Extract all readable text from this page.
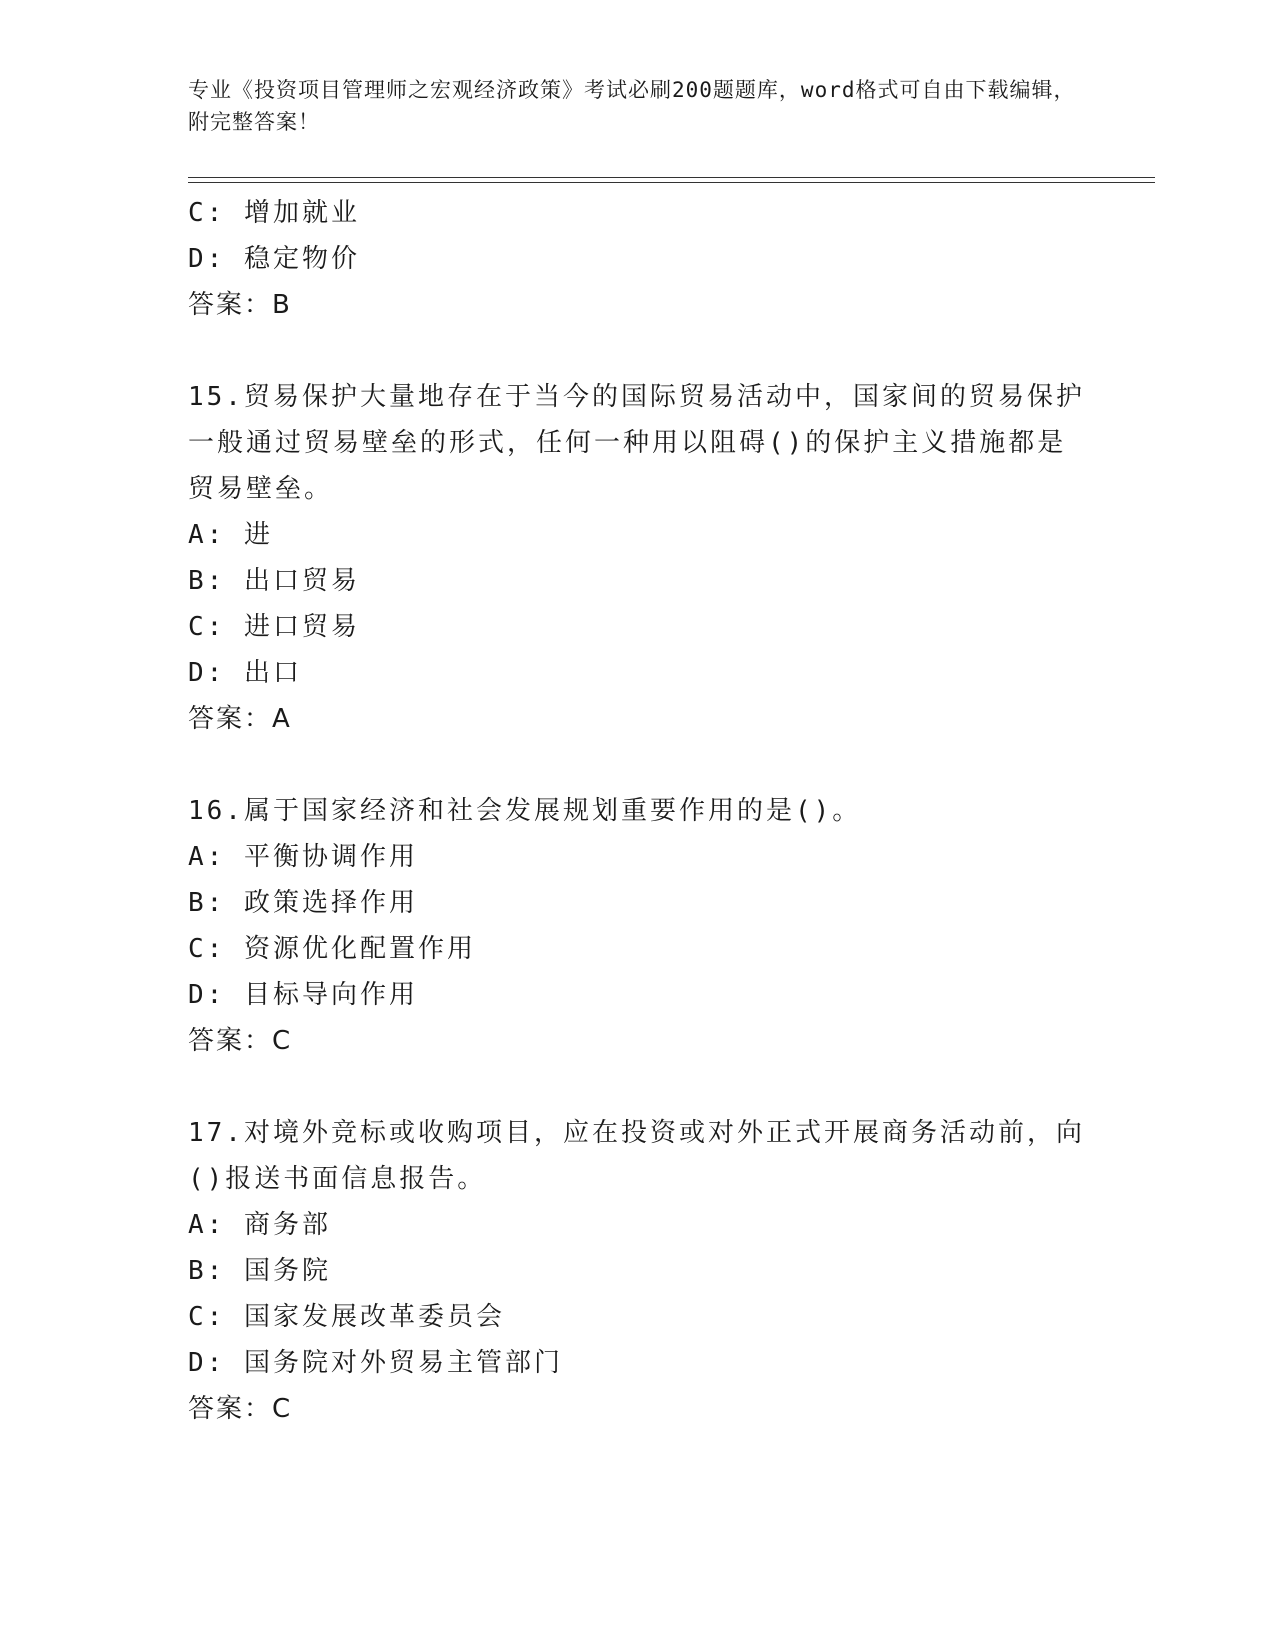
专业《投资项目管理师之宏观经济政策》考试必刷200题题库，word格式可自由下载编辑，附完整答案！
C: 增加就业
D: 稳定物价
答案：B
15.贸易保护大量地存在于当今的国际贸易活动中，国家间的贸易保护
一般通过贸易壁垒的形式，任何一种用以阻碍()的保护主义措施都是
贸易壁垒。
A: 进
B: 出口贸易
C: 进口贸易
D: 出口
答案：A
16.属于国家经济和社会发展规划重要作用的是()。
A: 平衡协调作用
B: 政策选择作用
C: 资源优化配置作用
D: 目标导向作用
答案：C
17.对境外竞标或收购项目，应在投资或对外正式开展商务活动前，向
()报送书面信息报告。
A: 商务部
B: 国务院
C: 国家发展改革委员会
D: 国务院对外贸易主管部门
答案：C
